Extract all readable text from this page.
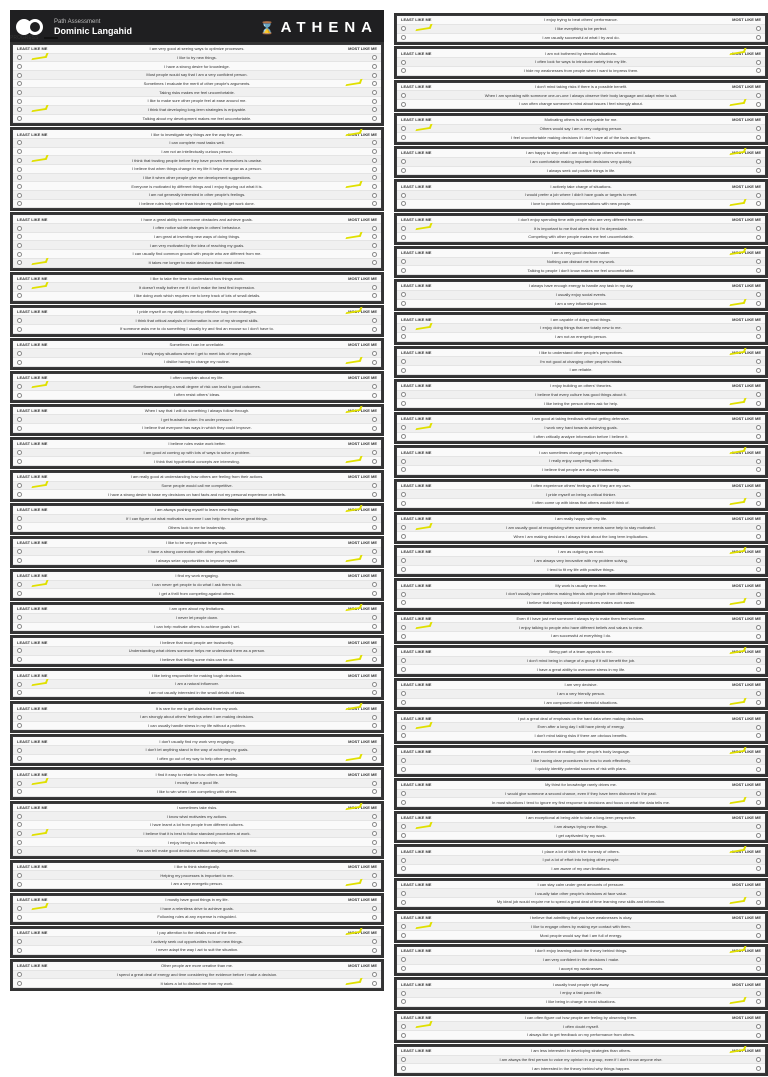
Path Assessment
Dominic Langahid	⌛ ATHENA
PROGRESS
LEAST LIKE ME	I am very good at seeing ways to optimize processes.	MOST LIKE ME
I like to try new things.
I have a strong desire for knowledge.
Most people would say that I am a very confident person.
Sometimes I evaluate the merit of other people's arguments.
Taking risks makes me feel uncomfortable.
I like to make sure other people feel at ease around me.
I think that developing long-term strategies is enjoyable.
Talking about my development makes me feel uncomfortable.
LEAST LIKE ME	I like to investigate why things are the way they are.	MOST LIKE ME
I can complete most tasks well.
I am not an intellectually curious person.
I think that trusting people before they have proven themselves is unwise.
I believe that when things change in my life it helps me grow as a person.
I like it when other people give me development suggestions.
Everyone is motivated by different things and I enjoy figuring out what it is.
I am not generally interested in other people's feelings.
I believe rules help rather than hinder my ability to get work done.
LEAST LIKE ME	I have a great ability to overcome obstacles and achieve goals.	MOST LIKE ME
I often notice subtle changes in others' behaviour.
I am great at inventing new ways of doing things.
I am very motivated by the idea of reaching my goals.
I can usually find common ground with people who are different from me.
It takes me longer to make decisions than most others.
LEAST LIKE ME	I like to take the time to understand how things work.	MOST LIKE ME
It doesn't really bother me if I don't make the best first impression.
I like doing work which requires me to keep track of lots of small details.
LEAST LIKE ME	I pride myself on my ability to develop effective long term strategies.	MOST LIKE ME
I think that critical analysis of information is one of my strongest skills.
If someone asks me to do something I usually try and find an excuse so I don't have to.
LEAST LIKE ME	Sometimes I can be unreliable.	MOST LIKE ME
I really enjoy situations where I get to meet lots of new people.
I dislike having to change my routine.
LEAST LIKE ME	I often complain about my life.	MOST LIKE ME
Sometimes accepting a small degree of risk can lead to good outcomes.
I often resist others' ideas.
LEAST LIKE ME	When I say that I will do something I always follow through.	MOST LIKE ME
I get frustrated when I'm under pressure.
I believe that everyone has ways in which they could improve.
LEAST LIKE ME	I believe rules make work better.	MOST LIKE ME
I am good at coming up with lots of ways to solve a problem.
I think that hypothetical concepts are interesting.
LEAST LIKE ME	I am really good at understanding how others are feeling from their actions.	MOST LIKE ME
Some people would call me competitive.
I have a strong desire to base my decisions on hard facts and not my personal experience or beliefs.
LEAST LIKE ME	I am always pushing myself to learn new things.	MOST LIKE ME
If I can figure out what motivates someone I can help them achieve great things.
Others look to me for leadership.
LEAST LIKE ME	I like to be very precise in my work.	MOST LIKE ME
I have a strong connection with other people's motives.
I always seize opportunities to improve myself.
LEAST LIKE ME	I find my work engaging.	MOST LIKE ME
I can never get people to do what I ask them to do.
I get a thrill from competing against others.
LEAST LIKE ME	I am open about my limitations.	MOST LIKE ME
I never let people down.
I can help motivate others to achieve goals I set.
LEAST LIKE ME	I believe that most people are trustworthy.	MOST LIKE ME
Understanding what drives someone helps me understand them as a person.
I believe that telling some risks can be ok.
LEAST LIKE ME	I like being responsible for making tough decisions.	MOST LIKE ME
I am a natural influencer.
I am not usually interested in the small details of tasks.
LEAST LIKE ME	It is rare for me to get distracted from my work.	MOST LIKE ME
I am strongly about others' feelings when I am making decisions.
I can usually handle stress in my life without a problem.
LEAST LIKE ME	I don't usually find my work very engaging.	MOST LIKE ME
I don't let anything stand in the way of achieving my goals.
I often go out of my way to help other people.
LEAST LIKE ME	I find it easy to relate to how others are feeling.	MOST LIKE ME
I mostly have a good life.
I like to win when I am competing with others.
LEAST LIKE ME	I sometimes take risks.	MOST LIKE ME
I know what motivates my actions.
I have learnt a lot from people from different cultures.
I believe that it is best to follow standard procedures at work.
I enjoy being in a leadership role.
You can tell make good decisions without analyzing all the facts first.
LEAST LIKE ME	I like to think strategically.	MOST LIKE ME
Helping my processes is important to me.
I am a very energetic person.
LEAST LIKE ME	I mostly have good things in my life.	MOST LIKE ME
I have a relentless drive to achieve goals.
Following rules at any expense is misguided.
LEAST LIKE ME	I pay attention to the details most of the time.	MOST LIKE ME
I actively seek out opportunities to learn new things.
I never adapt the way I act to suit the situation.
LEAST LIKE ME	Other people are more creative than me.	MOST LIKE ME
I spend a great deal of energy and time considering the evidence before I make a decision.
It takes a lot to distract me from my work.
LEAST LIKE ME	I enjoy trying to beat others' performance.	MOST LIKE ME
I like everything to be perfect.
I am usually successful at what I try and do.
LEAST LIKE ME	I am not bothered by stressful situations.	MOST LIKE ME
I often look for ways to introduce variety into my life.
I hide my weaknesses from people when I want to impress them.
LEAST LIKE ME	I don't mind taking risks if there is a possible benefit.	MOST LIKE ME
When I am speaking with someone one-on-one I always observe their body language and adapt mine to suit.
I can often change someone's mind about issues I feel strongly about.
LEAST LIKE ME	Motivating others is not enjoyable for me.	MOST LIKE ME
Others would say I am a very outgoing person.
I feel uncomfortable making decisions if I don't have all of the facts and figures.
LEAST LIKE ME	I am happy to step what I am doing to help others who need it.	MOST LIKE ME
I am comfortable making important decisions very quickly.
I always seek out positive things in life.
LEAST LIKE ME	I actively take charge of situations.	MOST LIKE ME
I would prefer a job where I didn't have goals or targets to meet.
I love to problem starting conversations with new people.
LEAST LIKE ME	I don't enjoy spending time with people who are very different from me.	MOST LIKE ME
It is important to me that others think I'm dependable.
Competing with other people makes me feel uncomfortable.
LEAST LIKE ME	I am a very good decision maker.	MOST LIKE ME
Nothing can distract me from my work.
Talking to people I don't know makes me feel uncomfortable.
LEAST LIKE ME	I always have enough energy to handle any task in my day.	MOST LIKE ME
I usually enjoy social events.
I am a very influential person.
LEAST LIKE ME	I am capable of doing most things.	MOST LIKE ME
I enjoy doing things that are totally new to me.
I am not an energetic person.
LEAST LIKE ME	I like to understand other people's perspectives.	MOST LIKE ME
I'm not good at changing other people's minds.
I am reliable.
LEAST LIKE ME	I enjoy building on others' theories.	MOST LIKE ME
I believe that every culture has good things about it.
I like being the person others ask for help.
LEAST LIKE ME	I am good at taking feedback without getting defensive.	MOST LIKE ME
I work very hard towards achieving goals.
I often critically analyze information before I believe it.
LEAST LIKE ME	I can sometimes change people's perspectives.	MOST LIKE ME
I really enjoy competing with others.
I believe that people are always trustworthy.
LEAST LIKE ME	I often experience others' feelings as if they are my own.	MOST LIKE ME
I pride myself on being a critical thinker.
I often come up with ideas that others wouldn't think of.
LEAST LIKE ME	I am really happy with my life.	MOST LIKE ME
I am usually good at recognizing when someone needs some help to stay motivated.
When I am making decisions I always think about the long term implications.
LEAST LIKE ME	I am as outgoing as most.	MOST LIKE ME
I am always very innovative with my problem solving.
I tend to fit my life with positive things.
LEAST LIKE ME	My work is usually error-free.	MOST LIKE ME
I don't usually have problems making friends with people from different backgrounds.
I believe that having standard procedures makes work easier.
LEAST LIKE ME	Even if I have just met someone I always try to make them feel welcome.	MOST LIKE ME
I enjoy talking to people who have different beliefs and values to mine.
I am successful at everything I do.
LEAST LIKE ME	Being part of a team appeals to me.	MOST LIKE ME
I don't mind being in charge of a group if it will benefit the job.
I have a great ability to overcome stress in my life.
LEAST LIKE ME	I am very decisive.	MOST LIKE ME
I am a very friendly person.
I am composed under stressful situations.
LEAST LIKE ME	I put a great deal of emphasis on the hard data when making decisions.	MOST LIKE ME
Even after a long day I still have plenty of energy.
I don't mind taking risks if there are obvious benefits.
LEAST LIKE ME	I am excellent at reading other people's body language.	MOST LIKE ME
I like having clear procedures for how to work effectively.
I quickly identify potential sources of risk with plans.
LEAST LIKE ME	My thirst for knowledge rarely drives me.	MOST LIKE ME
I would give someone a second chance, even if they have been dishonest in the past.
In most situations I tend to ignore my first response to decisions and focus on what the data tells me.
LEAST LIKE ME	I am exceptional at being able to take a long-term perspective.	MOST LIKE ME
I am always trying new things.
I get captivated by my work.
LEAST LIKE ME	I place a lot of faith in the honesty of others.	MOST LIKE ME
I put a lot of effort into helping other people.
I am aware of my own limitations.
LEAST LIKE ME	I can stay calm under great amounts of pressure.	MOST LIKE ME
I usually take other people's decisions at face value.
My ideal job would require me to spend a great deal of time learning new skills and information.
LEAST LIKE ME	I believe that admitting that you have weaknesses is okay.	MOST LIKE ME
I like to engage others by making eye contact with them.
Most people would say that I am full of energy.
LEAST LIKE ME	I don't enjoy learning about the theory behind things.	MOST LIKE ME
I am very confident in the decisions I make.
I accept my weaknesses.
LEAST LIKE ME	I usually trust people right away.	MOST LIKE ME
I enjoy a fast paced life.
I like being in charge in most situations.
LEAST LIKE ME	I can often figure out how people are feeling by observing them.	MOST LIKE ME
I often doubt myself.
I always like to get feedback on my performance from others.
LEAST LIKE ME	I am less interested in developing strategies than others.	MOST LIKE ME
I am always the first person to voice my opinion in a group, even if I don't know anyone else.
I am interested in the theory behind why things happen.
